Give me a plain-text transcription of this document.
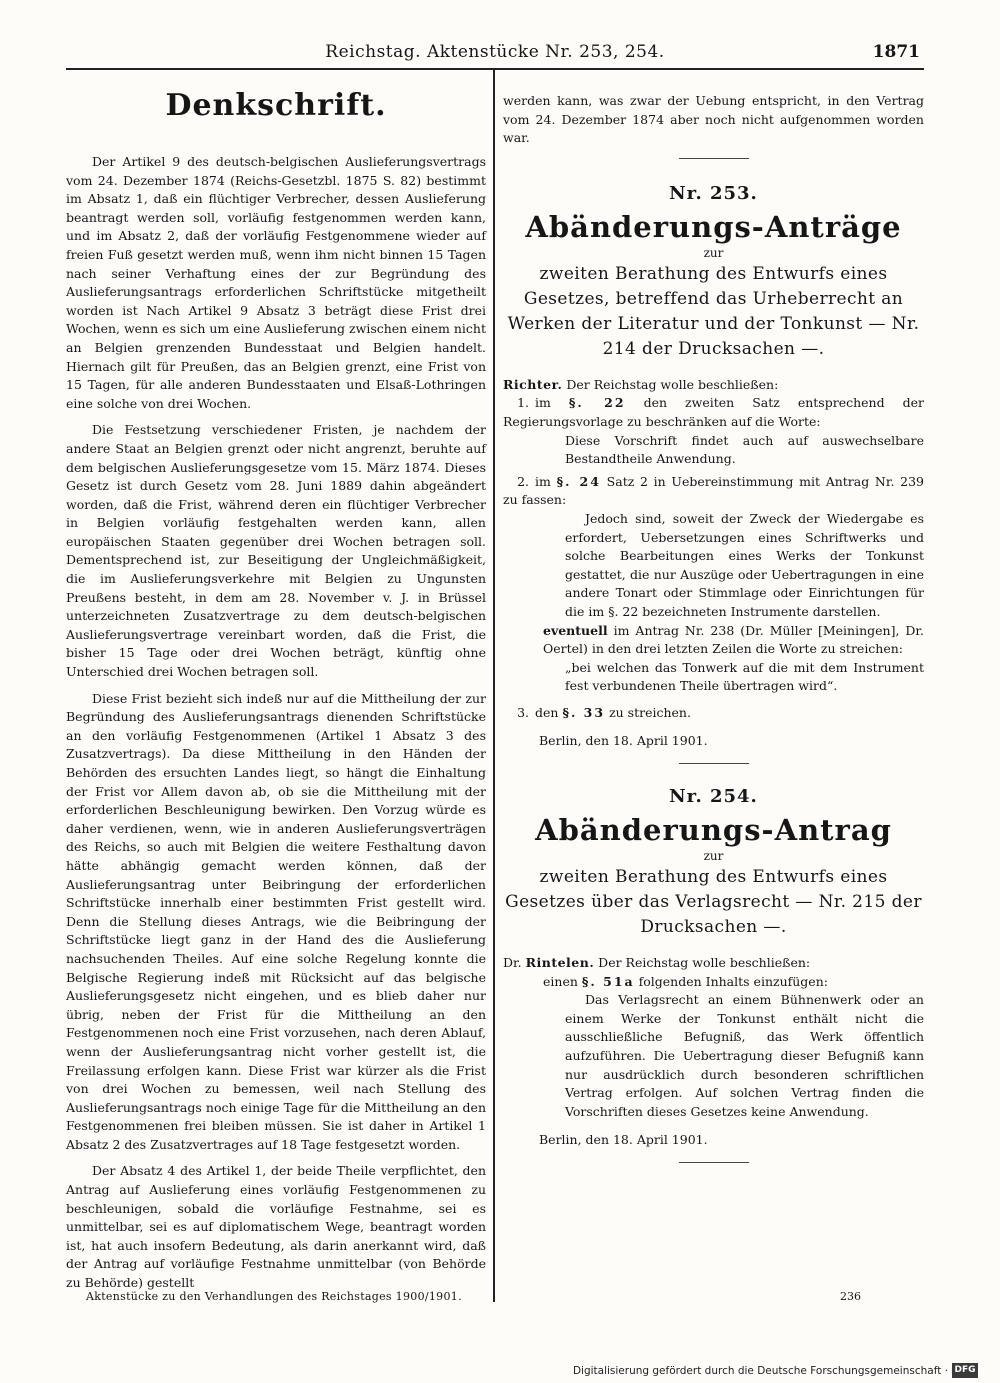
Reichstag. Aktenstücke Nr. 253, 254.	1871

Denkschrift.

Der Artikel 9 des deutsch-belgischen Auslieferungsvertrags vom 24. Dezember 1874 (Reichs-Gesetzbl. 1875 S. 82) bestimmt im Absatz 1, daß ein flüchtiger Verbrecher, dessen Auslieferung beantragt werden soll, vorläufig festgenommen werden kann, und im Absatz 2, daß der vorläufig Festgenommene wieder auf freien Fuß gesetzt werden muß, wenn ihm nicht binnen 15 Tagen nach seiner Verhaftung eines der zur Begründung des Auslieferungsantrags erforderlichen Schriftstücke mitgetheilt worden ist Nach Artikel 9 Absatz 3 beträgt diese Frist drei Wochen, wenn es sich um eine Auslieferung zwischen einem nicht an Belgien grenzenden Bundesstaat und Belgien handelt. Hiernach gilt für Preußen, das an Belgien grenzt, eine Frist von 15 Tagen, für alle anderen Bundesstaaten und Elsaß-Lothringen eine solche von drei Wochen.

Die Festsetzung verschiedener Fristen, je nachdem der andere Staat an Belgien grenzt oder nicht angrenzt, beruhte auf dem belgischen Auslieferungsgesetze vom 15. März 1874. Dieses Gesetz ist durch Gesetz vom 28. Juni 1889 dahin abgeändert worden, daß die Frist, während deren ein flüchtiger Verbrecher in Belgien vorläufig festgehalten werden kann, allen europäischen Staaten gegenüber drei Wochen betragen soll. Dementsprechend ist, zur Beseitigung der Ungleichmäßigkeit, die im Auslieferungsverkehre mit Belgien zu Ungunsten Preußens besteht, in dem am 28. November v. J. in Brüssel unterzeichneten Zusatzvertrage zu dem deutsch-belgischen Auslieferungsvertrage vereinbart worden, daß die Frist, die bisher 15 Tage oder drei Wochen beträgt, künftig ohne Unterschied drei Wochen betragen soll.

Diese Frist bezieht sich indeß nur auf die Mittheilung der zur Begründung des Auslieferungsantrags dienenden Schriftstücke an den vorläufig Festgenommenen (Artikel 1 Absatz 3 des Zusatzvertrags). Da diese Mittheilung in den Händen der Behörden des ersuchten Landes liegt, so hängt die Einhaltung der Frist vor Allem davon ab, ob sie die Mittheilung mit der erforderlichen Beschleunigung bewirken. Den Vorzug würde es daher verdienen, wenn, wie in anderen Auslieferungsverträgen des Reichs, so auch mit Belgien die weitere Festhaltung davon hätte abhängig gemacht werden können, daß der Auslieferungsantrag unter Beibringung der erforderlichen Schriftstücke innerhalb einer bestimmten Frist gestellt wird. Denn die Stellung dieses Antrags, wie die Beibringung der Schriftstücke liegt ganz in der Hand des die Auslieferung nachsuchenden Theiles. Auf eine solche Regelung konnte die Belgische Regierung indeß mit Rücksicht auf das belgische Auslieferungsgesetz nicht eingehen, und es blieb daher nur übrig, neben der Frist für die Mittheilung an den Festgenommenen noch eine Frist vorzusehen, nach deren Ablauf, wenn der Auslieferungsantrag nicht vorher gestellt ist, die Freilassung erfolgen kann. Diese Frist war kürzer als die Frist von drei Wochen zu bemessen, weil nach Stellung des Auslieferungsantrags noch einige Tage für die Mittheilung an den Festgenommenen frei bleiben müssen. Sie ist daher in Artikel 1 Absatz 2 des Zusatzvertrages auf 18 Tage festgesetzt worden.

Der Absatz 4 des Artikel 1, der beide Theile verpflichtet, den Antrag auf Auslieferung eines vorläufig Festgenommenen zu beschleunigen, sobald die vorläufige Festnahme, sei es unmittelbar, sei es auf diplomatischem Wege, beantragt worden ist, hat auch insofern Bedeutung, als darin anerkannt wird, daß der Antrag auf vorläufige Festnahme unmittelbar (von Behörde zu Behörde) gestellt

werden kann, was zwar der Uebung entspricht, in den Vertrag vom 24. Dezember 1874 aber noch nicht aufgenommen worden war.

Nr. 253.

Abänderungs-Anträge

zur

zweiten Berathung des Entwurfs eines Gesetzes, betreffend das Urheberrecht an Werken der Literatur und der Tonkunst — Nr. 214 der Drucksachen —.

Richter. Der Reichstag wolle beschließen:

1. im §. 22 den zweiten Satz entsprechend der Regierungsvorlage zu beschränken auf die Worte:

Diese Vorschrift findet auch auf auswechselbare Bestandtheile Anwendung.

2. im §. 24 Satz 2 in Uebereinstimmung mit Antrag Nr. 239 zu fassen:

Jedoch sind, soweit der Zweck der Wiedergabe es erfordert, Uebersetzungen eines Schriftwerks und solche Bearbeitungen eines Werks der Tonkunst gestattet, die nur Auszüge oder Uebertragungen in eine andere Tonart oder Stimmlage oder Einrichtungen für die im §. 22 bezeichneten Instrumente darstellen.

eventuell im Antrag Nr. 238 (Dr. Müller [Meiningen], Dr. Oertel) in den drei letzten Zeilen die Worte zu streichen:

„bei welchen das Tonwerk auf die mit dem Instrument fest verbundenen Theile übertragen wird“.

3. den §. 33 zu streichen.

Berlin, den 18. April 1901.

Nr. 254.

Abänderungs-Antrag

zur

zweiten Berathung des Entwurfs eines Gesetzes über das Verlagsrecht — Nr. 215 der Drucksachen —.

Dr. Rintelen. Der Reichstag wolle beschließen:

einen §. 51a folgenden Inhalts einzufügen:

Das Verlagsrecht an einem Bühnenwerk oder an einem Werke der Tonkunst enthält nicht die ausschließliche Befugniß, das Werk öffentlich aufzuführen. Die Uebertragung dieser Befugniß kann nur ausdrücklich durch besonderen schriftlichen Vertrag erfolgen. Auf solchen Vertrag finden die Vorschriften dieses Gesetzes keine Anwendung.

Berlin, den 18. April 1901.

Aktenstücke zu den Verhandlungen des Reichstages 1900/1901.	236
Digitalisierung gefördert durch die Deutsche Forschungsgemeinschaft · DFG
